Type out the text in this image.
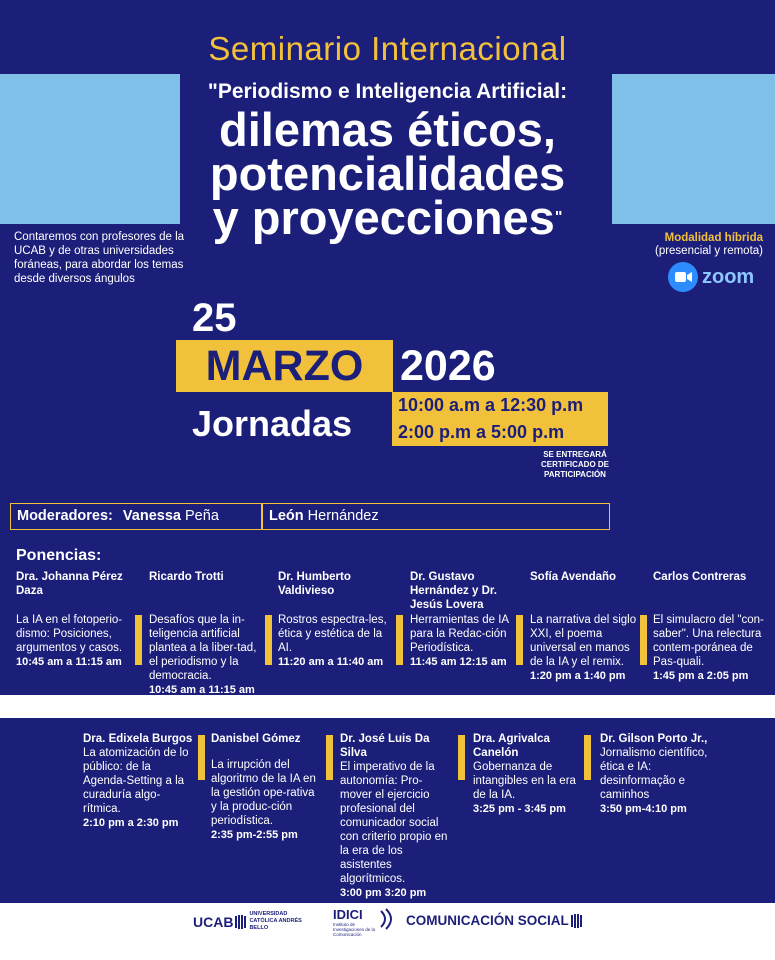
Seminario Internacional
"Periodismo e Inteligencia Artificial:
dilemas éticos,
potencialidades
y proyecciones"
Contaremos con profesores de la UCAB y de otras universidades foráneas, para abordar los temas desde diversos ángulos
Modalidad híbrida
(presencial y remota)
zoom
25
MARZO 2026
Jornadas	10:00 a.m a 12:30 p.m
2:00 p.m a 5:00 p.m
SE ENTREGARÁ CERTIFICADO DE PARTICIPACIÓN
Moderadores: Vanessa Peña	León Hernández
Ponencias:
Dra. Johanna Pérez Daza
La IA en el fotoperio-dismo: Posiciones, argumentos y casos.
10:45 am a 11:15 am
Ricardo Trotti
Desafíos que la in-teligencia artificial plantea a la liber-tad, el periodismo y la democracia.
10:45 am a 11:15 am
Dr. Humberto Valdivieso
Rostros espectra-les, ética y estética de la AI.
11:20 am a 11:40 am
Dr. Gustavo Hernández y Dr. Jesús Lovera
Herramientas de IA para la Redac-ción Periodística.
11:45 am 12:15 am
Sofía Avendaño
La narrativa del siglo XXI, el poema universal en manos de la IA y el remix.
1:20 pm a 1:40 pm
Carlos Contreras
El simulacro del "con-saber". Una relectura contem-poránea de Pas-quali.
1:45 pm a 2:05 pm
Dra. Edixela Burgos
La atomización de lo público: de la Agenda-Setting a la curaduría algo-rítmica.
2:10 pm a 2:30 pm
Danisbel Gómez
La irrupción del algoritmo de la IA en la gestión ope-rativa y la produc-ción periodística.
2:35 pm-2:55 pm
Dr. José Luis Da Silva
El imperativo de la autonomía: Pro-mover el ejercicio profesional del comunicador social con criterio propio en la era de los asistentes algorítmicos.
3:00 pm 3:20 pm
Dra. Agrivalca Canelón
Gobernanza de intangibles en la era de la IA.
3:25 pm - 3:45 pm
Dr. Gilson Porto Jr.,
Jornalismo científico, ética e IA: desinformação e caminhos
3:50 pm-4:10 pm
UCAB	UNIVERSIDAD CATÓLICA ANDRÉS BELLO
IDICI
Instituto de Investigaciones de la Comunicación
COMUNICACIÓN SOCIAL
